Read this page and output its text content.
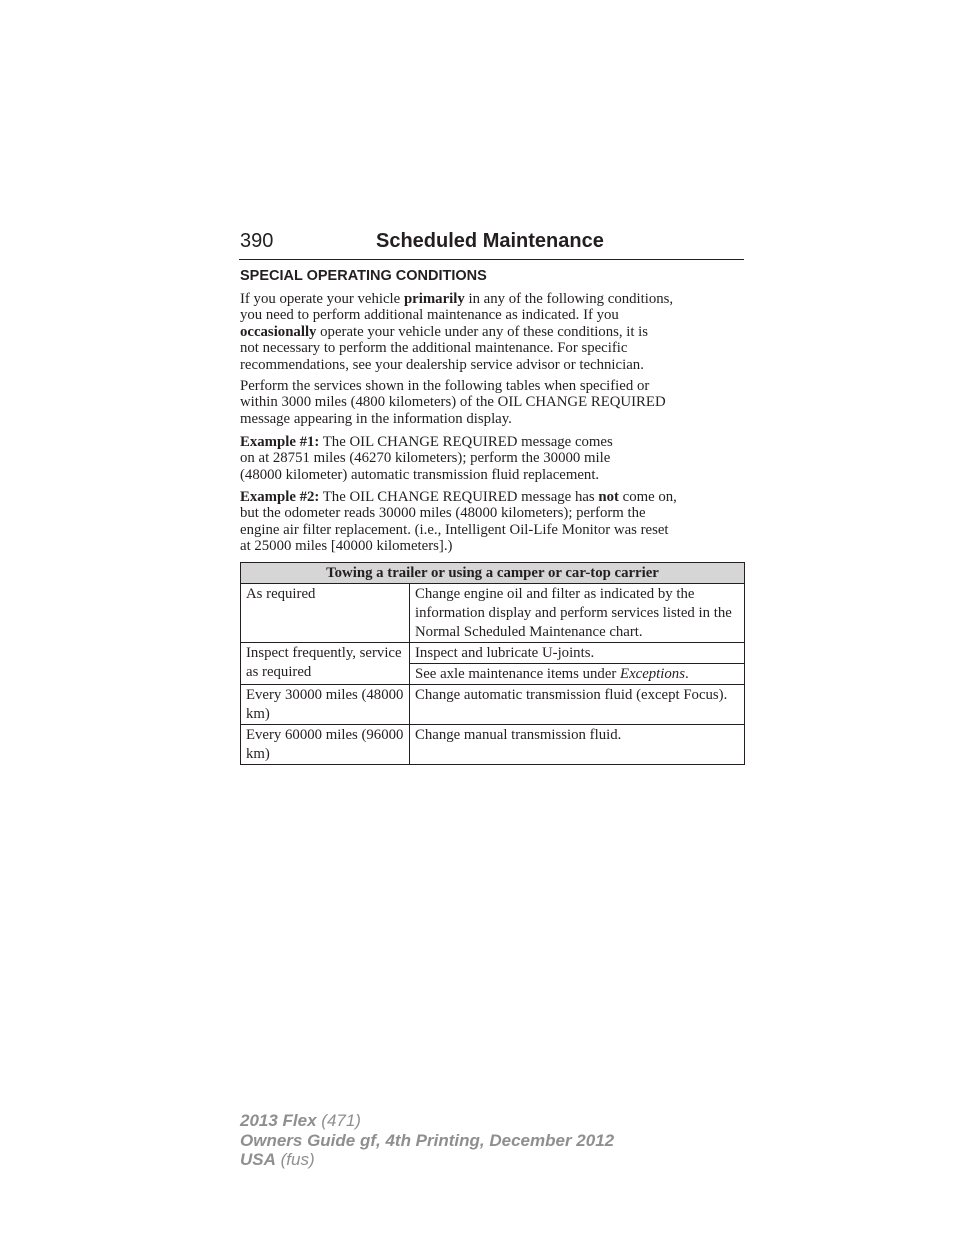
390	Scheduled Maintenance
SPECIAL OPERATING CONDITIONS
If you operate your vehicle primarily in any of the following conditions,
you need to perform additional maintenance as indicated. If you
occasionally operate your vehicle under any of these conditions, it is
not necessary to perform the additional maintenance. For specific
recommendations, see your dealership service advisor or technician.
Perform the services shown in the following tables when specified or
within 3000 miles (4800 kilometers) of the OIL CHANGE REQUIRED
message appearing in the information display.
Example #1: The OIL CHANGE REQUIRED message comes
on at 28751 miles (46270 kilometers); perform the 30000 mile
(48000 kilometer) automatic transmission fluid replacement.
Example #2: The OIL CHANGE REQUIRED message has not come on,
but the odometer reads 30000 miles (48000 kilometers); perform the
engine air filter replacement. (i.e., Intelligent Oil-Life Monitor was reset
at 25000 miles [40000 kilometers].)
Towing a trailer or using a camper or car-top carrier	
As required	Change engine oil and filter as indicated by the information display and perform services listed in the Normal Scheduled Maintenance chart.
Inspect frequently, service as required	Inspect and lubricate U-joints.
	See axle maintenance items under Exceptions.
Every 30000 miles (48000 km)	Change automatic transmission fluid (except Focus).
Every 60000 miles (96000 km)	Change manual transmission fluid.
2013 Flex (471)
Owners Guide gf, 4th Printing, December 2012
USA (fus)
